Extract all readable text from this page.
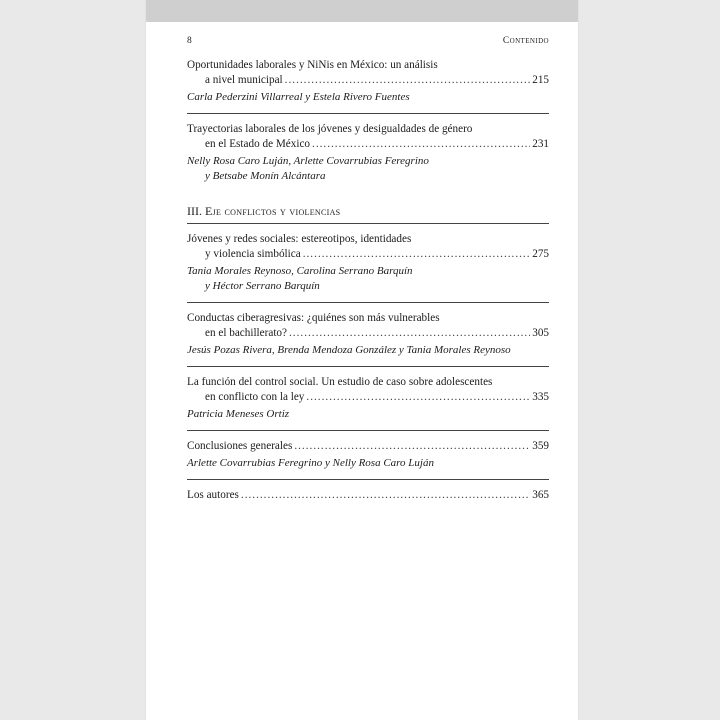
8	Contenido
Oportunidades laborales y NiNis en México: un análisis
a nivel municipal .....	215
Carla Pederzini Villarreal y Estela Rivero Fuentes
Trayectorias laborales de los jóvenes y desigualdades de género
en el Estado de México .....	231
Nelly Rosa Caro Luján, Arlette Covarrubias Feregrino
y Betsabe Monín Alcántara
III. Eje conflictos y violencias
Jóvenes y redes sociales: estereotipos, identidades
y violencia simbólica .....	275
Tania Morales Reynoso, Carolina Serrano Barquín
y Héctor Serrano Barquín
Conductas ciberagresivas: ¿quiénes son más vulnerables
en el bachillerato? .....	305
Jesús Pozas Rivera, Brenda Mendoza González y Tania Morales Reynoso
La función del control social. Un estudio de caso sobre adolescentes
en conflicto con la ley .....	335
Patricia Meneses Ortiz
Conclusiones generales .....	359
Arlette Covarrubias Feregrino y Nelly Rosa Caro Luján
Los autores .....	365
